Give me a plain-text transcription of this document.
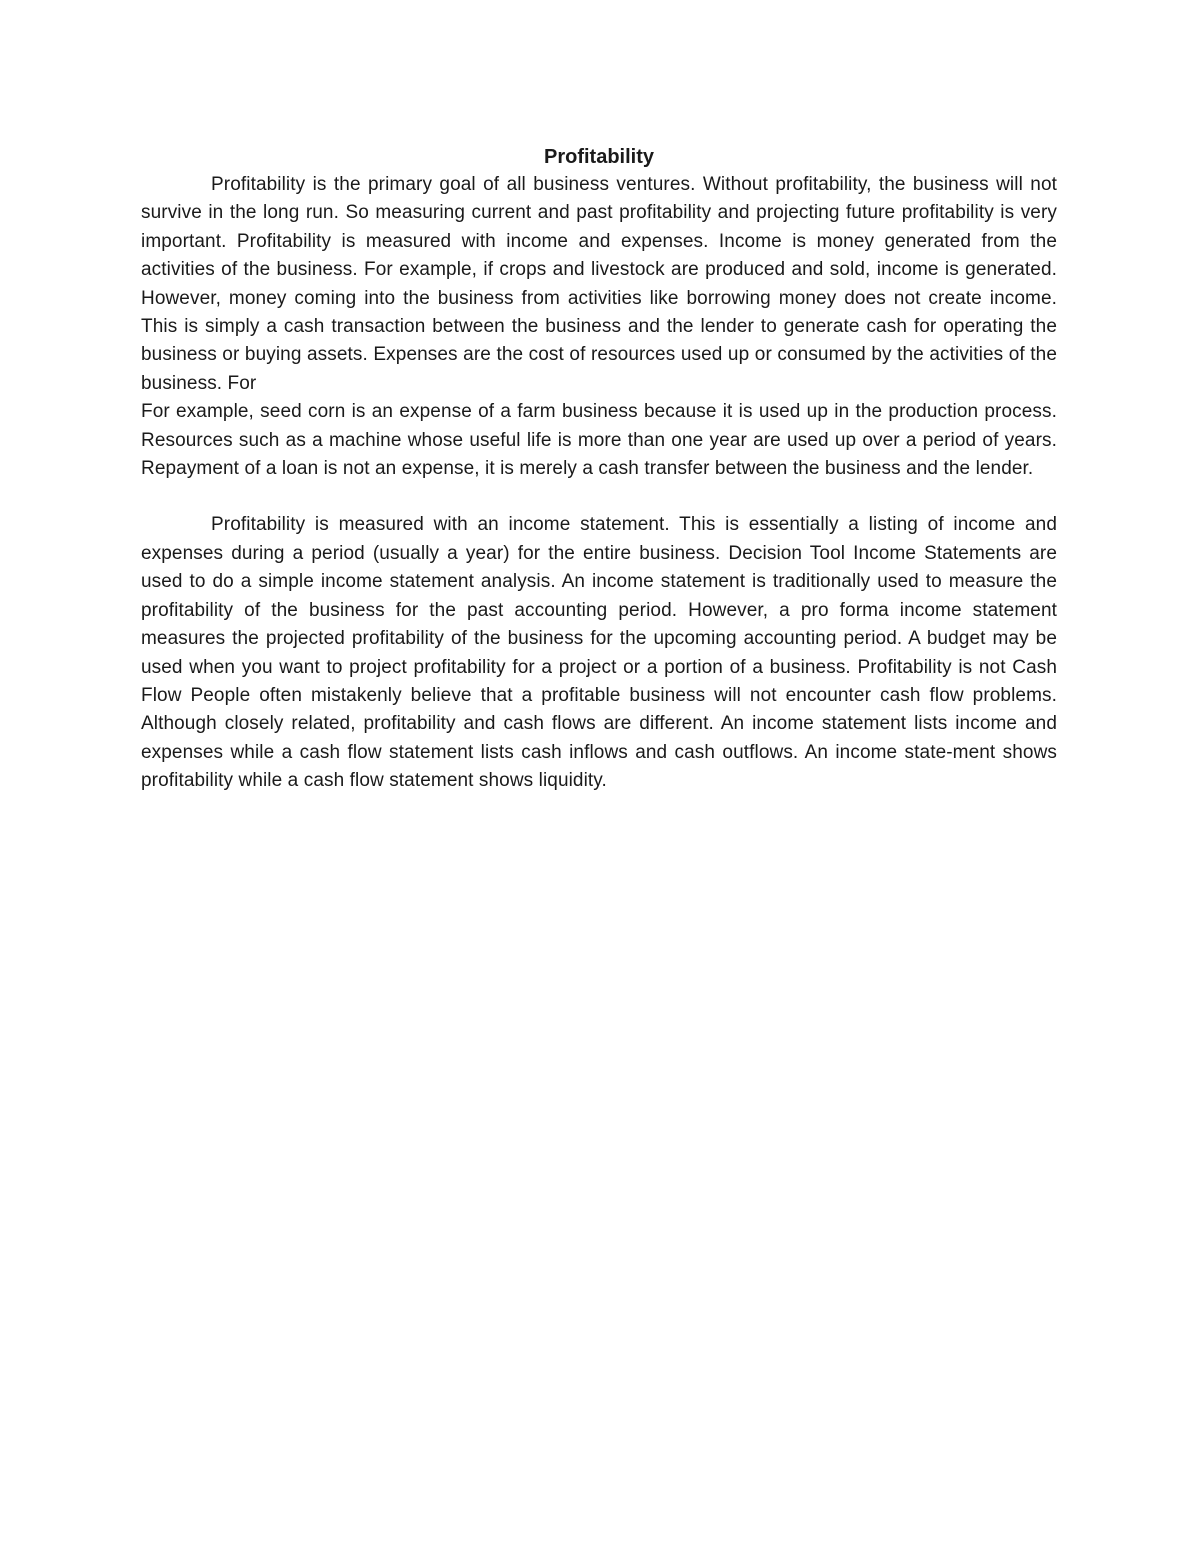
Profitability

Profitability is the primary goal of all business ventures. Without profitability, the business will not survive in the long run. So measuring current and past profitability and projecting future profitability is very important. Profitability is measured with income and expenses. Income is money generated from the activities of the business. For example, if crops and livestock are produced and sold, income is generated. However, money coming into the business from activities like borrowing money does not create income. This is simply a cash transaction between the business and the lender to generate cash for operating the business or buying assets. Expenses are the cost of resources used up or consumed by the activities of the business. For

For example, seed corn is an expense of a farm business because it is used up in the production process. Resources such as a machine whose useful life is more than one year are used up over a period of years. Repayment of a loan is not an expense, it is merely a cash transfer between the business and the lender.

Profitability is measured with an income statement. This is essentially a listing of income and expenses during a period (usually a year) for the entire business. Decision Tool Income Statements are used to do a simple income statement analysis. An income statement is traditionally used to measure the profitability of the business for the past accounting period. However, a pro forma income statement measures the projected profitability of the business for the upcoming accounting period. A budget may be used when you want to project profitability for a project or a portion of a business. Profitability is not Cash Flow People often mistakenly believe that a profitable business will not encounter cash flow problems. Although closely related, profitability and cash flows are different. An income statement lists income and expenses while a cash flow statement lists cash inflows and cash outflows. An income state-ment shows profitability while a cash flow statement shows liquidity.
